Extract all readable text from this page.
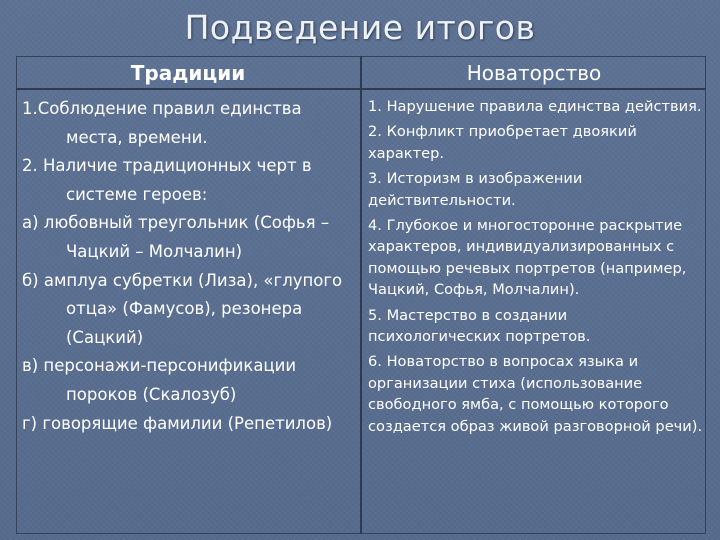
Подведение итогов
Традиции	Новаторство
1.Соблюдение правил единства места, времени.
2. Наличие традиционных черт в системе героев:
а) любовный треугольник (Софья – Чацкий – Молчалин)
б) амплуа субретки (Лиза), «глупого отца» (Фамусов), резонера (Сацкий)
в) персонажи-персонификации пороков (Скалозуб)
г) говорящие фамилии (Репетилов)
1. Нарушение правила единства действия.
2. Конфликт приобретает двоякий характер.
3. Историзм в изображении действительности.
4. Глубокое и многосторонне раскрытие характеров, индивидуализированных с помощью речевых портретов (например, Чацкий, Софья, Молчалин).
5. Мастерство в создании психологических портретов.
6. Новаторство в вопросах языка и организации стиха (использование свободного ямба, с помощью которого создается образ живой разговорной речи).
